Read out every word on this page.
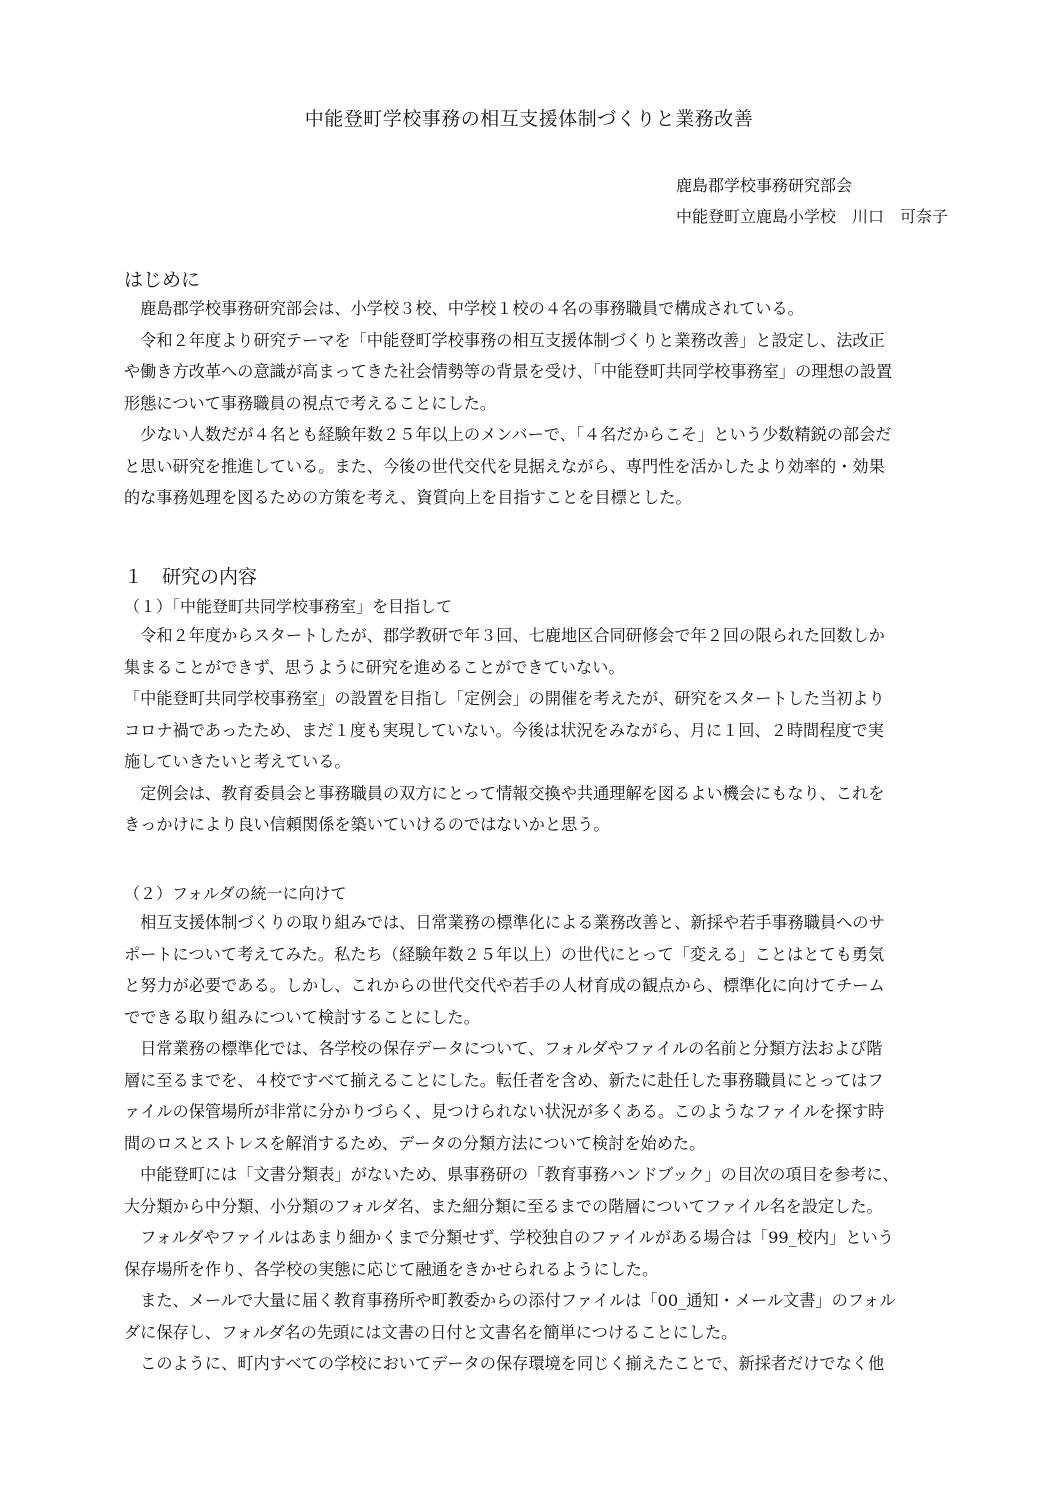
中能登町学校事務の相互支援体制づくりと業務改善
鹿島郡学校事務研究部会
中能登町立鹿島小学校　川口　可奈子
はじめに
　鹿島郡学校事務研究部会は、小学校３校、中学校１校の４名の事務職員で構成されている。
　令和２年度より研究テーマを「中能登町学校事務の相互支援体制づくりと業務改善」と設定し、法改正
や働き方改革への意識が高まってきた社会情勢等の背景を受け、「中能登町共同学校事務室」の理想の設置
形態について事務職員の視点で考えることにした。
　少ない人数だが４名とも経験年数２５年以上のメンバーで、「４名だからこそ」という少数精鋭の部会だ
と思い研究を推進している。また、今後の世代交代を見据えながら、専門性を活かしたより効率的・効果
的な事務処理を図るための方策を考え、資質向上を目指すことを目標とした。
１　研究の内容
（１）「中能登町共同学校事務室」を目指して
　令和２年度からスタートしたが、郡学教研で年３回、七鹿地区合同研修会で年２回の限られた回数しか
集まることができず、思うように研究を進めることができていない。
「中能登町共同学校事務室」の設置を目指し「定例会」の開催を考えたが、研究をスタートした当初より
コロナ禍であったため、まだ１度も実現していない。今後は状況をみながら、月に１回、２時間程度で実
施していきたいと考えている。
　定例会は、教育委員会と事務職員の双方にとって情報交換や共通理解を図るよい機会にもなり、これを
きっかけにより良い信頼関係を築いていけるのではないかと思う。
（２）フォルダの統一に向けて
　相互支援体制づくりの取り組みでは、日常業務の標準化による業務改善と、新採や若手事務職員へのサ
ポートについて考えてみた。私たち（経験年数２５年以上）の世代にとって「変える」ことはとても勇気
と努力が必要である。しかし、これからの世代交代や若手の人材育成の観点から、標準化に向けてチーム
でできる取り組みについて検討することにした。
　日常業務の標準化では、各学校の保存データについて、フォルダやファイルの名前と分類方法および階
層に至るまでを、４校ですべて揃えることにした。転任者を含め、新たに赴任した事務職員にとってはフ
ァイルの保管場所が非常に分かりづらく、見つけられない状況が多くある。このようなファイルを探す時
間のロスとストレスを解消するため、データの分類方法について検討を始めた。
　中能登町には「文書分類表」がないため、県事務研の「教育事務ハンドブック」の目次の項目を参考に、
大分類から中分類、小分類のフォルダ名、また細分類に至るまでの階層についてファイル名を設定した。
　フォルダやファイルはあまり細かくまで分類せず、学校独自のファイルがある場合は「99_校内」という
保存場所を作り、各学校の実態に応じて融通をきかせられるようにした。
　また、メールで大量に届く教育事務所や町教委からの添付ファイルは「00_通知・メール文書」のフォル
ダに保存し、フォルダ名の先頭には文書の日付と文書名を簡単につけることにした。
　このように、町内すべての学校においてデータの保存環境を同じく揃えたことで、新採者だけでなく他
